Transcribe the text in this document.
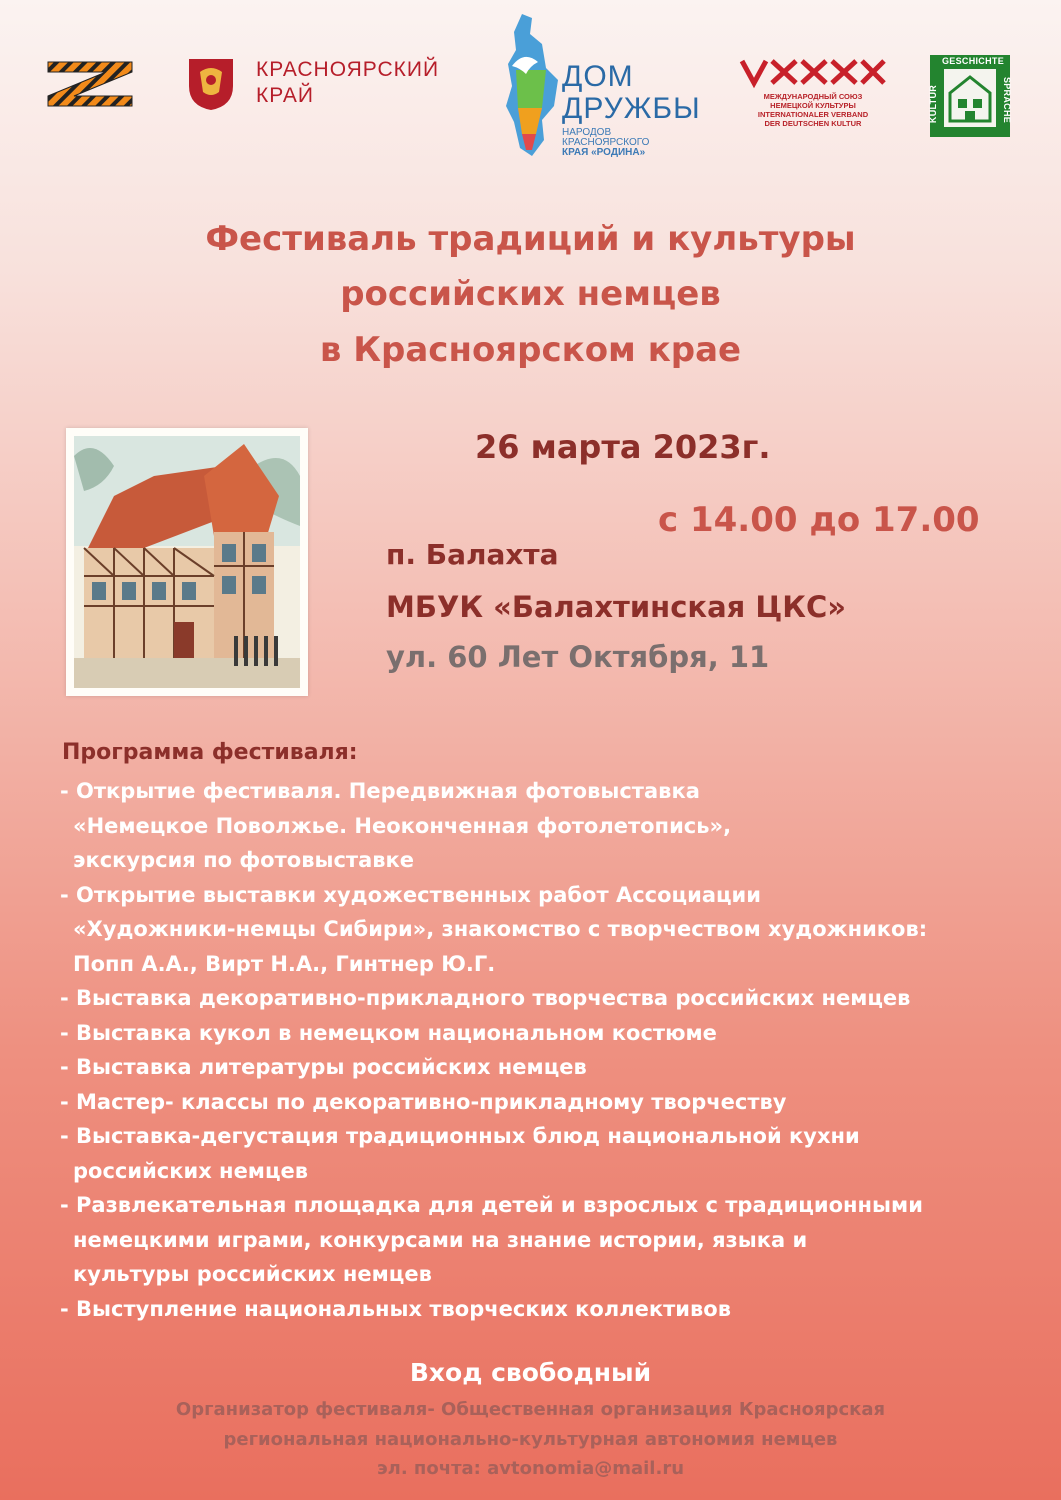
КРАСНОЯРСКИЙ
КРАЙ
ДОМ
ДРУЖБЫ
НАРОДОВ
КРАСНОЯРСКОГО
КРАЯ «РОДИНА»
МЕЖДУНАРОДНЫЙ СОЮЗ
НЕМЕЦКОЙ КУЛЬТУРЫ
INTERNATIONALER VERBAND
DER DEUTSCHEN KULTUR
GESCHICHTE
KULTUR	SPRACHE
Фестиваль традиций и культуры
российских немцев
в Красноярском крае
26 марта 2023г.
с 14.00 до 17.00
п. Балахта
МБУК «Балахтинская ЦКС»
ул. 60 Лет Октября, 11
Программа фестиваля:
- Открытие фестиваля. Передвижная фотовыставка
«Немецкое Поволжье. Неоконченная фотолетопись»,
экскурсия по фотовыставке
- Открытие выставки художественных работ Ассоциации
«Художники-немцы Сибири», знакомство с творчеством художников:
Попп А.А., Вирт Н.А., Гинтнер Ю.Г.
- Выставка декоративно-прикладного творчества российских немцев
- Выставка кукол в немецком национальном костюме
- Выставка литературы российских немцев
- Мастер- классы по декоративно-прикладному творчеству
- Выставка-дегустация традиционных блюд национальной кухни
российских немцев
- Развлекательная площадка для детей и взрослых с традиционными
немецкими играми, конкурсами на знание истории, языка и
культуры российских немцев
- Выступление национальных творческих коллективов
Вход свободный
Организатор фестиваля- Общественная организация Красноярская
региональная национально-культурная автономия немцев
эл. почта: avtonomia@mail.ru
